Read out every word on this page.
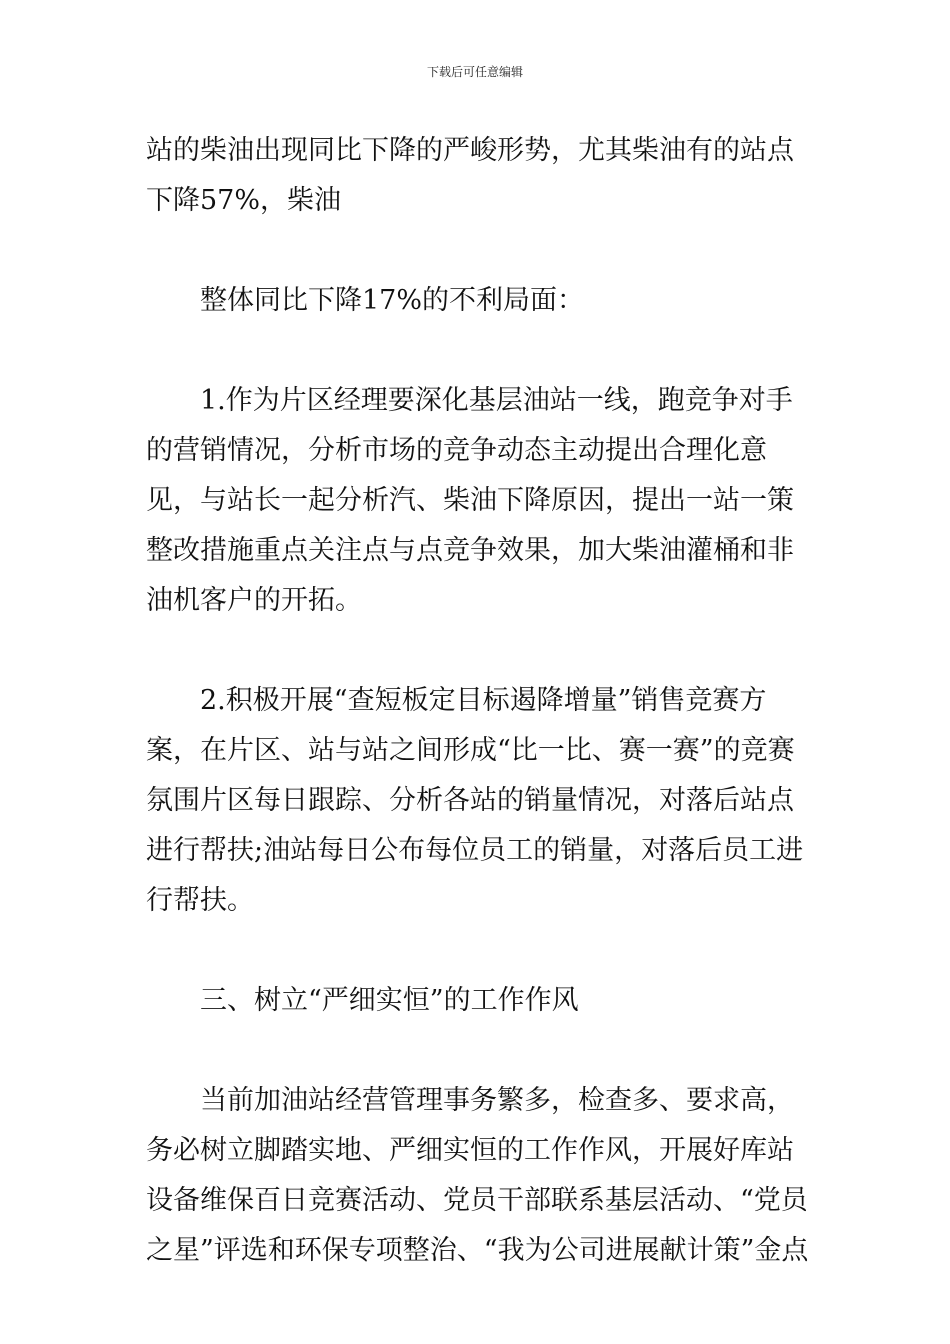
下载后可任意编辑

站的柴油出现同比下降的严峻形势，尤其柴油有的站点下降57%，柴油

整体同比下降17%的不利局面：

1.作为片区经理要深化基层油站一线，跑竞争对手的营销情况，分析市场的竞争动态主动提出合理化意见，与站长一起分析汽、柴油下降原因，提出一站一策整改措施重点关注点与点竞争效果，加大柴油灌桶和非油机客户的开拓。

2.积极开展“查短板定目标遏降增量”销售竞赛方案，在片区、站与站之间形成“比一比、赛一赛”的竞赛氛围片区每日跟踪、分析各站的销量情况，对落后站点进行帮扶;油站每日公布每位员工的销量，对落后员工进行帮扶。

三、树立“严细实恒”的工作作风

当前加油站经营管理事务繁多，检查多、要求高，务必树立脚踏实地、严细实恒的工作作风，开展好库站设备维保百日竞赛活动、党员干部联系基层活动、“党员之星”评选和环保专项整治、“我为公司进展献计策”金点
